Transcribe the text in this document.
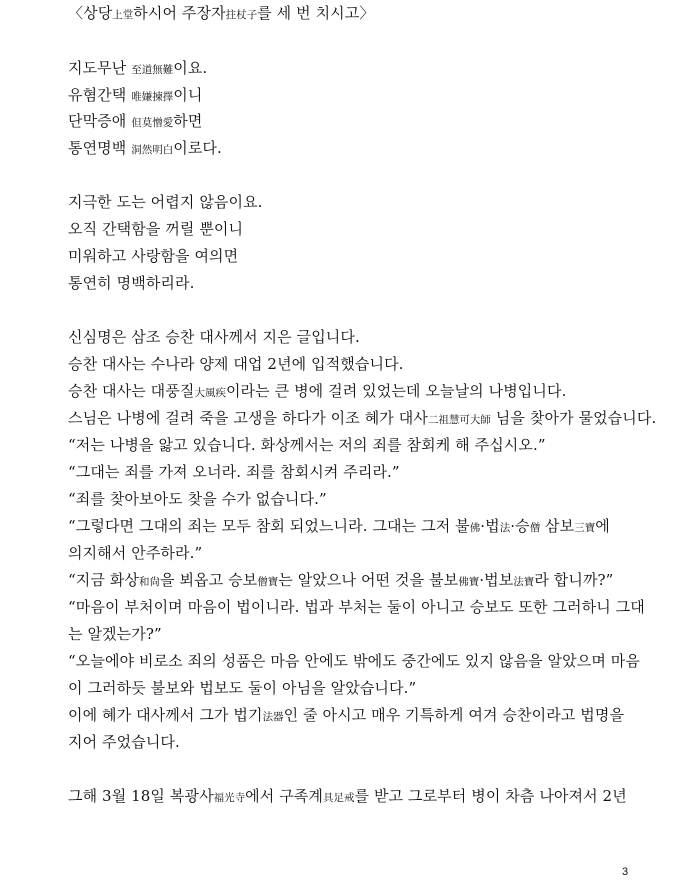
〈상당上堂하시어 주장자拄杖子를 세 번 치시고〉
지도무난 至道無難이요.
유혐간택 唯嫌揀擇이니
단막증애 但莫憎愛하면
통연명백 洞然明白이로다.
지극한 도는 어렵지 않음이요.
오직 간택함을 꺼릴 뿐이니
미워하고 사랑함을 여의면
통연히 명백하리라.
신심명은 삼조 승찬 대사께서 지은 글입니다.
승찬 대사는 수나라 양제 대업 2년에 입적했습니다.
승찬 대사는 대풍질大風疾이라는 큰 병에 걸려 있었는데 오늘날의 나병입니다.
스님은 나병에 걸려 죽을 고생을 하다가 이조 혜가 대사二祖慧可大師 님을 찾아가 물었습니다.
“저는 나병을 앓고 있습니다. 화상께서는 저의 죄를 참회케 해 주십시오.”
“그대는 죄를 가져 오너라. 죄를 참회시켜 주리라.”
“죄를 찾아보아도 찾을 수가 없습니다.”
“그렇다면 그대의 죄는 모두 참회 되었느니라. 그대는 그저 불佛·법法·승僧 삼보三寶에
의지해서 안주하라.”
“지금 화상和尙을 뵈옵고 승보僧寶는 알았으나 어떤 것을 불보佛寶·법보法寶라 합니까?”
“마음이 부처이며 마음이 법이니라. 법과 부처는 둘이 아니고 승보도 또한 그러하니 그대
는 알겠는가?”
“오늘에야 비로소 죄의 성품은 마음 안에도 밖에도 중간에도 있지 않음을 알았으며 마음
이 그러하듯 불보와 법보도 둘이 아님을 알았습니다.”
이에 혜가 대사께서 그가 법기法器인 줄 아시고 매우 기특하게 여겨 승찬이라고 법명을
지어 주었습니다.
그해 3월 18일 복광사福光寺에서 구족계具足戒를 받고 그로부터 병이 차츰 나아져서 2년
3
